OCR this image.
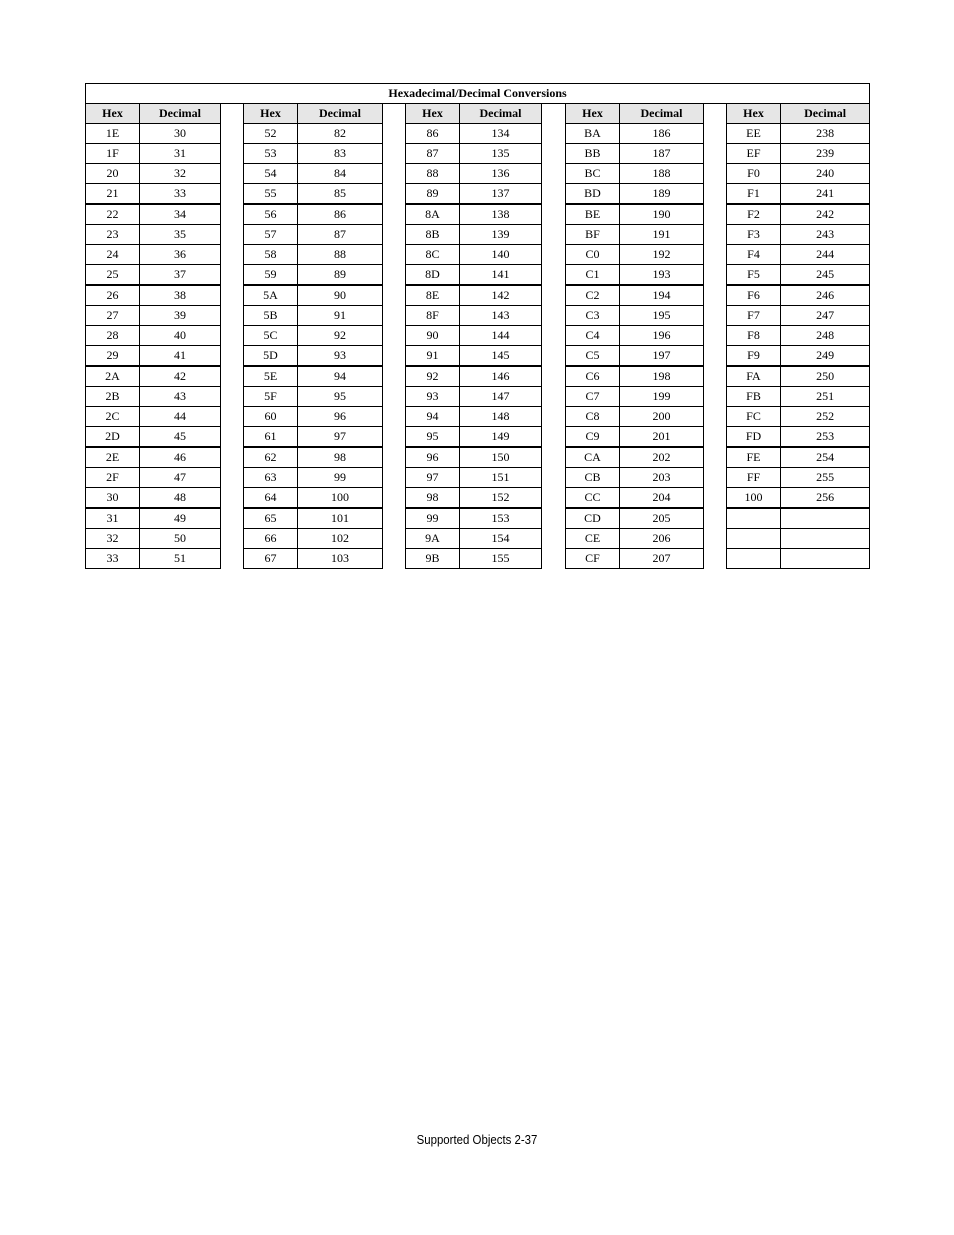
Hexadecimal/Decimal Conversions													
Hex	Decimal		Hex	Decimal		Hex	Decimal		Hex	Decimal		Hex	Decimal
1E	30		52	82		86	134		BA	186		EE	238
1F	31		53	83		87	135		BB	187		EF	239
20	32		54	84		88	136		BC	188		F0	240
21	33		55	85		89	137		BD	189		F1	241
22	34		56	86		8A	138		BE	190		F2	242
23	35		57	87		8B	139		BF	191		F3	243
24	36		58	88		8C	140		C0	192		F4	244
25	37		59	89		8D	141		C1	193		F5	245
26	38		5A	90		8E	142		C2	194		F6	246
27	39		5B	91		8F	143		C3	195		F7	247
28	40		5C	92		90	144		C4	196		F8	248
29	41		5D	93		91	145		C5	197		F9	249
2A	42		5E	94		92	146		C6	198		FA	250
2B	43		5F	95		93	147		C7	199		FB	251
2C	44		60	96		94	148		C8	200		FC	252
2D	45		61	97		95	149		C9	201		FD	253
2E	46		62	98		96	150		CA	202		FE	254
2F	47		63	99		97	151		CB	203		FF	255
30	48		64	100		98	152		CC	204		100	256
31	49		65	101		99	153		CD	205			
32	50		66	102		9A	154		CE	206			
33	51		67	103		9B	155		CF	207			
Supported Objects 2-37
